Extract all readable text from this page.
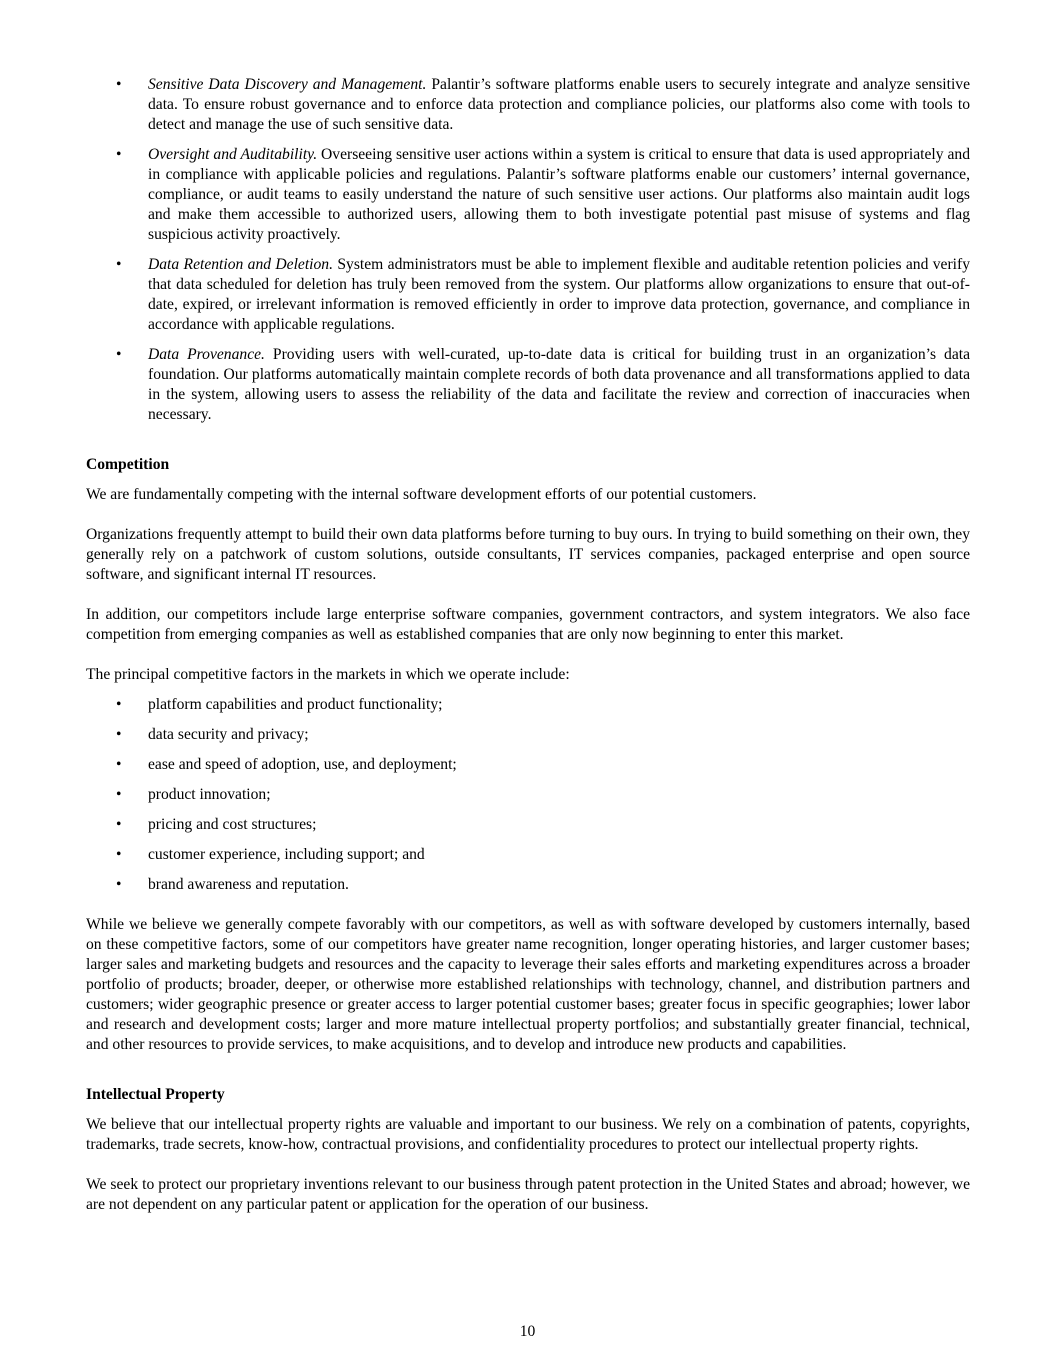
• Sensitive Data Discovery and Management. Palantir’s software platforms enable users to securely integrate and analyze sensitive data. To ensure robust governance and to enforce data protection and compliance policies, our platforms also come with tools to detect and manage the use of such sensitive data.
• Oversight and Auditability. Overseeing sensitive user actions within a system is critical to ensure that data is used appropriately and in compliance with applicable policies and regulations. Palantir’s software platforms enable our customers’ internal governance, compliance, or audit teams to easily understand the nature of such sensitive user actions. Our platforms also maintain audit logs and make them accessible to authorized users, allowing them to both investigate potential past misuse of systems and flag suspicious activity proactively.
• Data Retention and Deletion. System administrators must be able to implement flexible and auditable retention policies and verify that data scheduled for deletion has truly been removed from the system. Our platforms allow organizations to ensure that out-of-date, expired, or irrelevant information is removed efficiently in order to improve data protection, governance, and compliance in accordance with applicable regulations.
• Data Provenance. Providing users with well-curated, up-to-date data is critical for building trust in an organization’s data foundation. Our platforms automatically maintain complete records of both data provenance and all transformations applied to data in the system, allowing users to assess the reliability of the data and facilitate the review and correction of inaccuracies when necessary.
Competition

We are fundamentally competing with the internal software development efforts of our potential customers.

Organizations frequently attempt to build their own data platforms before turning to buy ours. In trying to build something on their own, they generally rely on a patchwork of custom solutions, outside consultants, IT services companies, packaged enterprise and open source software, and significant internal IT resources.

In addition, our competitors include large enterprise software companies, government contractors, and system integrators. We also face competition from emerging companies as well as established companies that are only now beginning to enter this market.

The principal competitive factors in the markets in which we operate include:

• platform capabilities and product functionality;
• data security and privacy;
• ease and speed of adoption, use, and deployment;
• product innovation;
• pricing and cost structures;
• customer experience, including support; and
• brand awareness and reputation.

While we believe we generally compete favorably with our competitors, as well as with software developed by customers internally, based on these competitive factors, some of our competitors have greater name recognition, longer operating histories, and larger customer bases; larger sales and marketing budgets and resources and the capacity to leverage their sales efforts and marketing expenditures across a broader portfolio of products; broader, deeper, or otherwise more established relationships with technology, channel, and distribution partners and customers; wider geographic presence or greater access to larger potential customer bases; greater focus in specific geographies; lower labor and research and development costs; larger and more mature intellectual property portfolios; and substantially greater financial, technical, and other resources to provide services, to make acquisitions, and to develop and introduce new products and capabilities.

Intellectual Property

We believe that our intellectual property rights are valuable and important to our business. We rely on a combination of patents, copyrights, trademarks, trade secrets, know-how, contractual provisions, and confidentiality procedures to protect our intellectual property rights.

We seek to protect our proprietary inventions relevant to our business through patent protection in the United States and abroad; however, we are not dependent on any particular patent or application for the operation of our business.

10
